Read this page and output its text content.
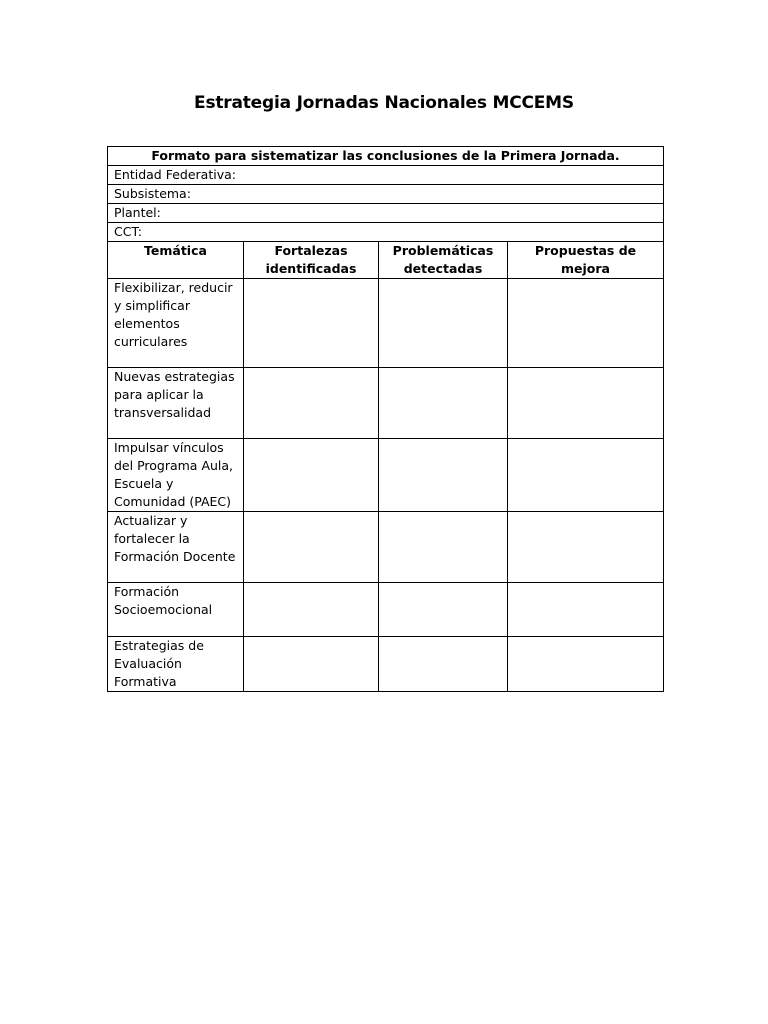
Estrategia Jornadas Nacionales MCCEMS
Formato para sistematizar las conclusiones de la Primera Jornada.			
Entidad Federativa:			
Subsistema:			
Plantel:			
CCT:			
Temática	Fortalezas identificadas	Problemáticas detectadas	Propuestas de mejora
Flexibilizar, reducir y simplificar elementos curriculares			
Nuevas estrategias para aplicar la transversalidad			
Impulsar vínculos del Programa Aula, Escuela y Comunidad (PAEC)			
Actualizar y fortalecer la Formación Docente			
Formación Socioemocional			
Estrategias de Evaluación Formativa			
